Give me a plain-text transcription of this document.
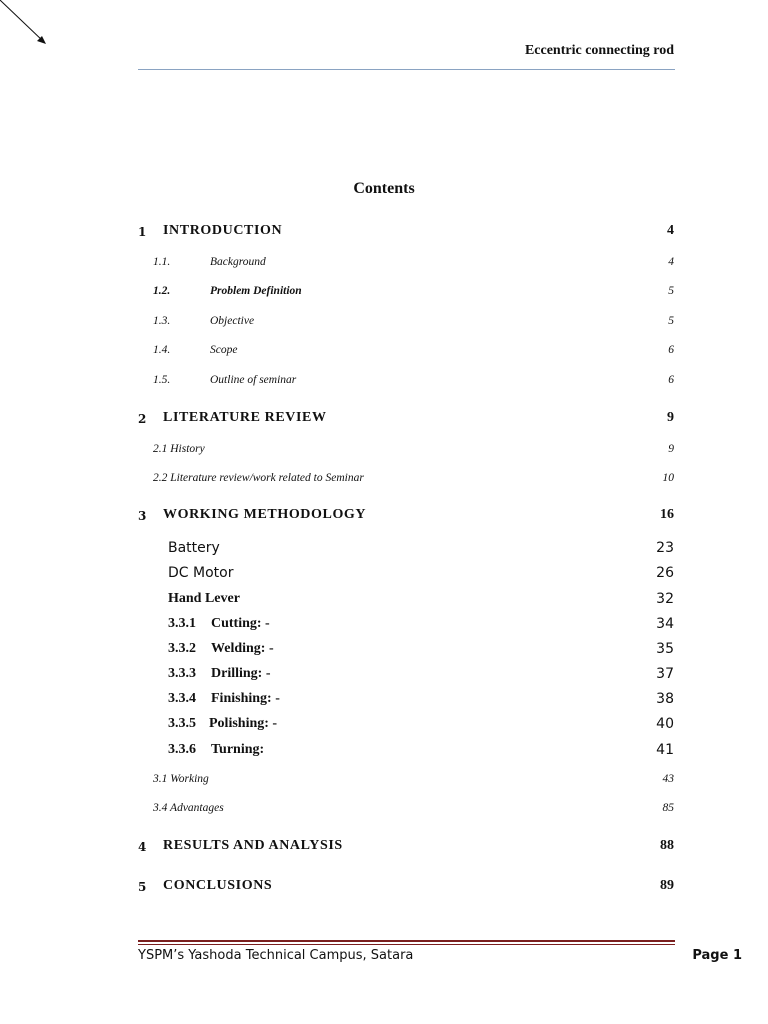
Eccentric connecting rod
Contents
1 INTRODUCTION	4
1.1.	Background	4
1.2.	Problem Definition	5
1.3.	Objective	5
1.4.	Scope	6
1.5.	Outline of seminar	6
2 LITERATURE REVIEW	9
2.1 History	9
2.2 Literature review/work related to Seminar	10
3 WORKING METHODOLOGY	16
Battery	23
DC Motor	26
Hand Lever	32
3.3.1 Cutting: -	34
3.3.2 Welding: -	35
3.3.3 Drilling: -	37
3.3.4 Finishing: -	38
3.3.5 Polishing: -	40
3.3.6 Turning:	41
3.1 Working	43
3.4 Advantages	85
4 RESULTS AND ANALYSIS	88
5 CONCLUSIONS	89
YSPM’s Yashoda Technical Campus, Satara	Page 1
